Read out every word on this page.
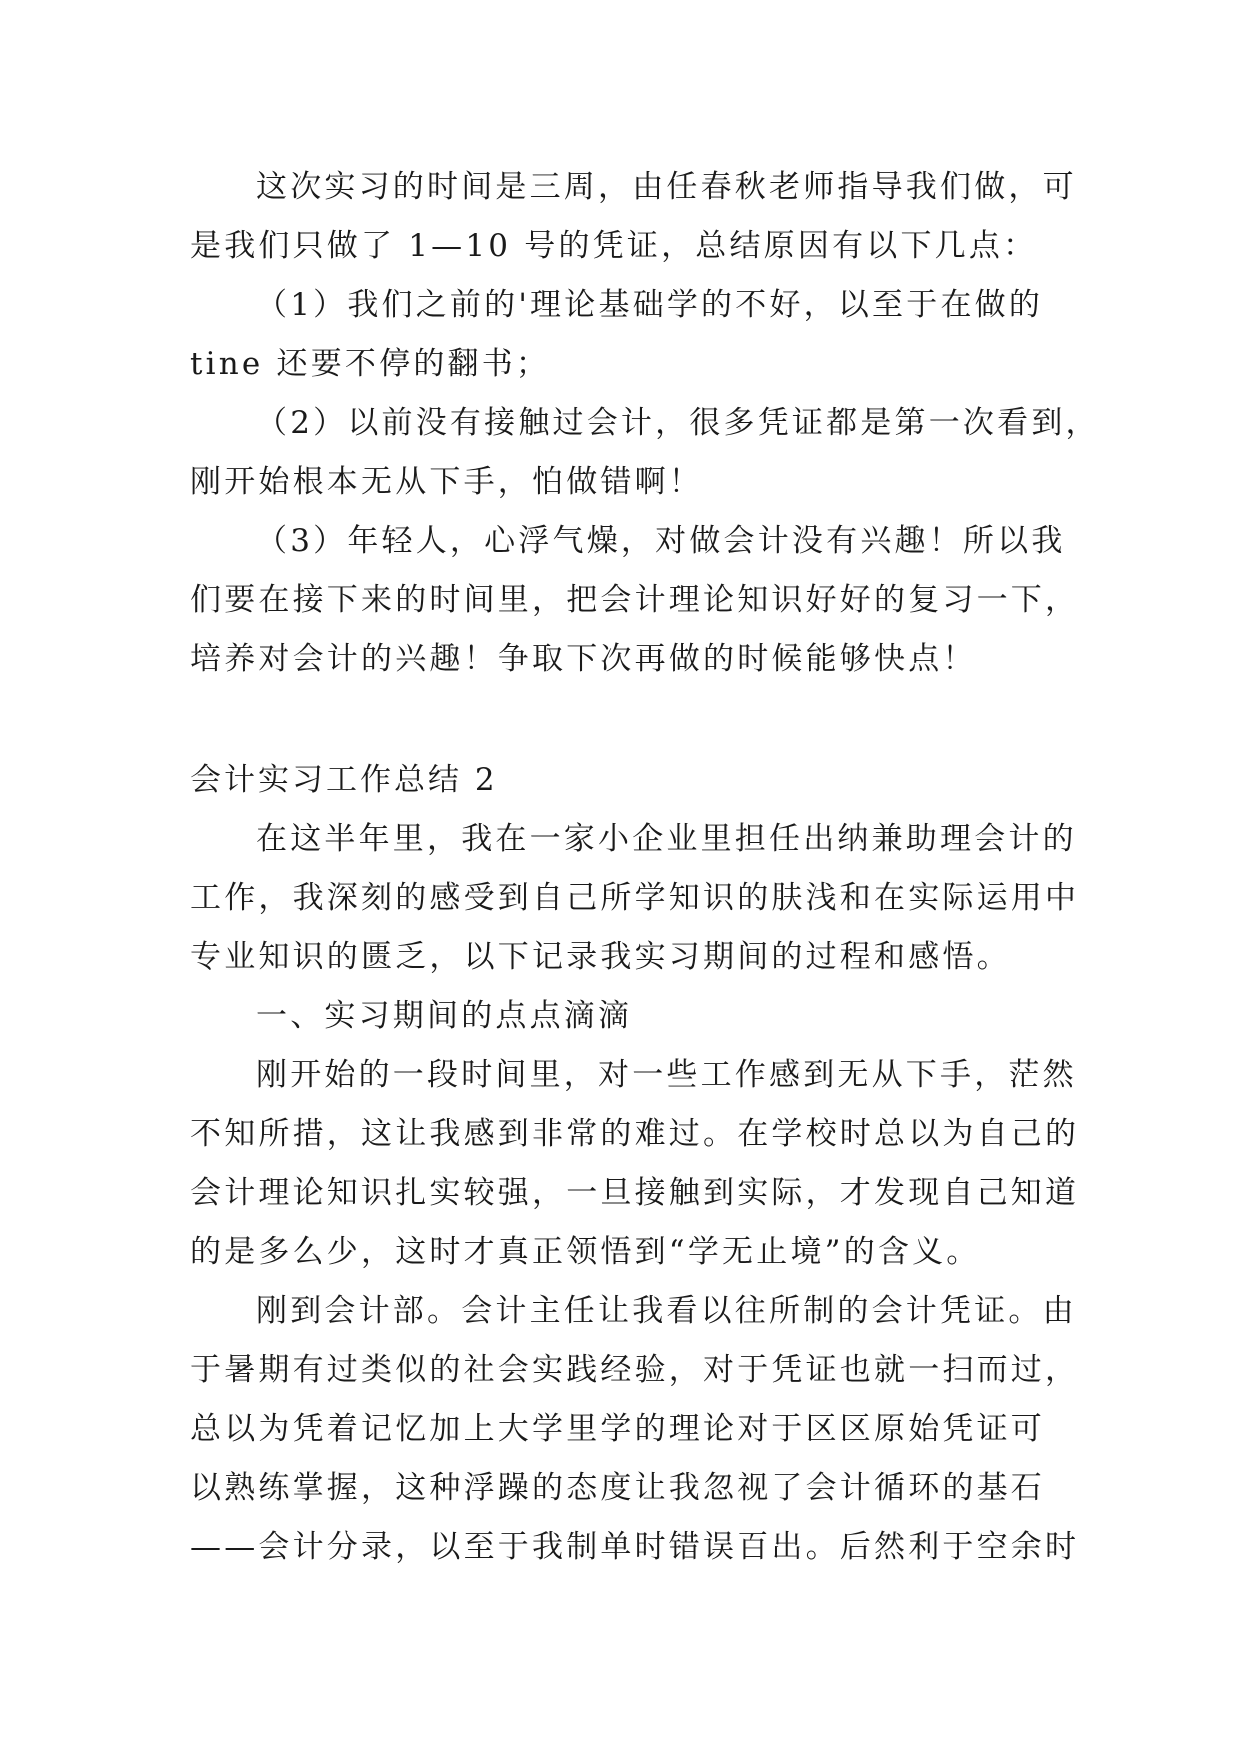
这次实习的时间是三周，由任春秋老师指导我们做，可
是我们只做了 1—10 号的凭证，总结原因有以下几点：
（1）我们之前的'理论基础学的不好，以至于在做的
tine 还要不停的翻书；
（2）以前没有接触过会计，很多凭证都是第一次看到，
刚开始根本无从下手，怕做错啊！
（3）年轻人，心浮气燥，对做会计没有兴趣！所以我
们要在接下来的时间里，把会计理论知识好好的复习一下，
培养对会计的兴趣！争取下次再做的时候能够快点！
会计实习工作总结 2
在这半年里，我在一家小企业里担任出纳兼助理会计的
工作，我深刻的感受到自己所学知识的肤浅和在实际运用中
专业知识的匮乏，以下记录我实习期间的过程和感悟。
一、实习期间的点点滴滴
刚开始的一段时间里，对一些工作感到无从下手，茫然
不知所措，这让我感到非常的难过。在学校时总以为自己的
会计理论知识扎实较强，一旦接触到实际，才发现自己知道
的是多么少，这时才真正领悟到“学无止境”的含义。
刚到会计部。会计主任让我看以往所制的会计凭证。由
于暑期有过类似的社会实践经验，对于凭证也就一扫而过，
总以为凭着记忆加上大学里学的理论对于区区原始凭证可
以熟练掌握，这种浮躁的态度让我忽视了会计循环的基石
——会计分录，以至于我制单时错误百出。后然利于空余时
